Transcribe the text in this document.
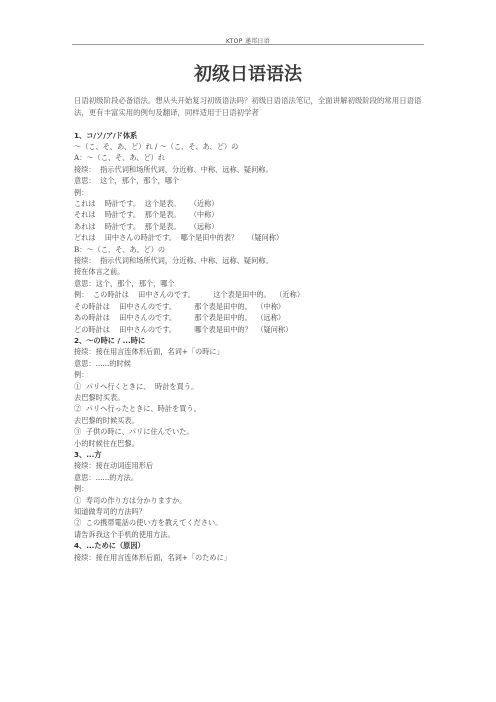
KTOP 递邦日语
初级日语语法

日语初级阶段必备语法。想从头开始复习初级语法吗？初级日语语法笔记，全面讲解初级阶段的常用日语语法，更有丰富实用的例句及翻译，同样适用于日语初学者

1、コ/ソ/ア/ド体系
～（こ、そ、あ、ど）れ / ～（こ、そ、あ、ど）の
A：～（こ、そ、あ、ど）れ
接续：  指示代词和场所代词，分近称、中称、远称、疑问称。
意思：  这个，那个，那个，哪个
例：
これは    時計です。  这个是表。    （近称）
それは    時計です。  那个是表。    （中称）
あれは    時計です。  那个是表。    （远称）
どれは    田中さんの時計です。  哪个是田中的表？    （疑问称）
B：～（こ、そ、あ、ど）の
接续：  指示代词和场所代词，分近称、中称、远称、疑问称。
接在体言之前。
意思：这个，那个，那个，哪个
例：  この時計は    田中さんのです。        这个表是田中的。  （近称）
その時計は    田中さんのです。        那个表是田中的。  （中称）
あの時計は    田中さんのです。        那个表是田中的。  （远称）
どの時計は    田中さんのです。        哪个表是田中的？  （疑问称）
2、～の時に / ...時に
接续：接在用言连体形后面，名词+「の時に」
意思：......的时候
例：
①  パリへ行くときに、  時計を買う。
去巴黎时买表。
②  パリへ行ったときに、時計を買う。
去巴黎的时候买表。
③  子供の時に、パリに住んでいた。
小的时候住在巴黎。
3、...方
接续：接在动词连用形后
意思：......的方法。
例：
①  寿司の作り方は分かりますか。
知道做寿司的方法吗？
②  この携帯電話の使い方を教えてください。
请告诉我这个手机的使用方法。
4、...ために（原因）
接续：接在用言连体形后面，名词+「のために」
